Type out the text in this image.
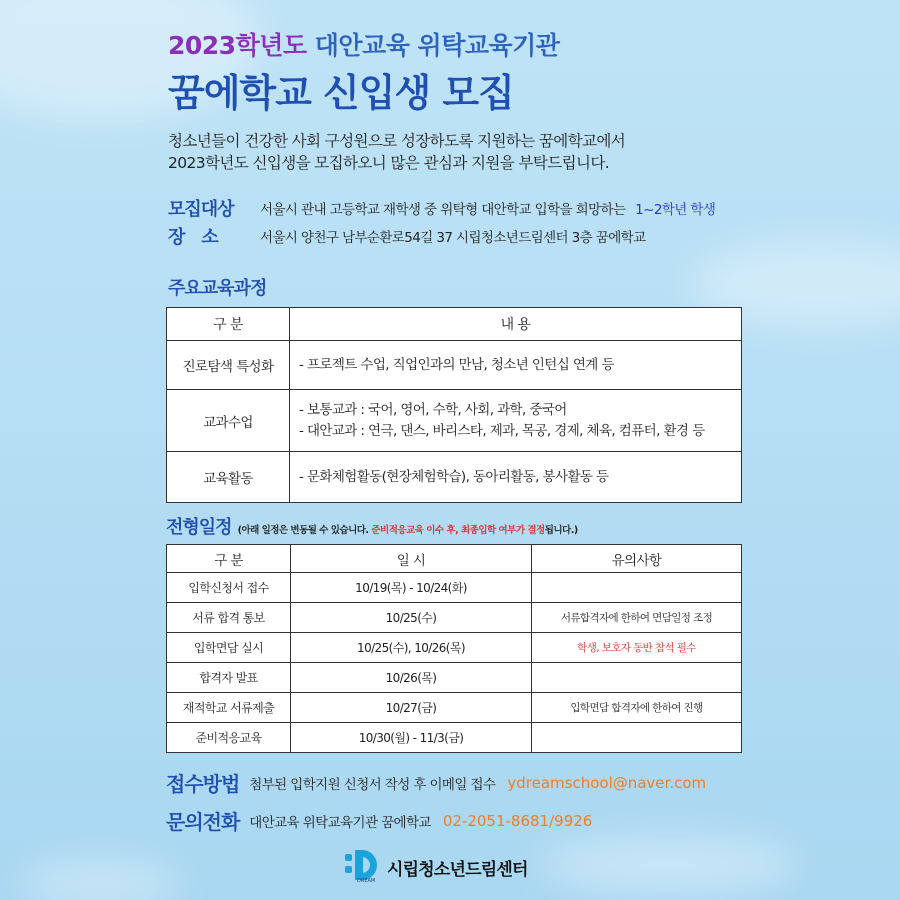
2023학년도 대안교육 위탁교육기관
꿈에학교 신입생 모집
청소년들이 건강한 사회 구성원으로 성장하도록 지원하는 꿈에학교에서
2023학년도 신입생을 모집하오니 많은 관심과 지원을 부탁드립니다.
모집대상	서울시 관내 고등학교 재학생 중 위탁형 대안학교 입학을 희망하는 1~2학년 학생
장소	서울시 양천구 남부순환로54길 37 시립청소년드림센터 3층 꿈에학교
주요교육과정
구 분	내 용
진로탐색 특성화	- 프로젝트 수업, 직업인과의 만남, 청소년 인턴십 연계 등

교과수업	- 보통교과 : 국어, 영어, 수학, 사회, 과학, 중국어
- 대안교과 : 연극, 댄스, 바리스타, 제과, 목공, 경제, 체육, 컴퓨터, 환경 등

교육활동	- 문화체험활동(현장체험학습), 동아리활동, 봉사활동 등
전형일정 (아래 일정은 변동될 수 있습니다. 준비적응교육 이수 후, 최종입학 여부가 결정됩니다.)
구 분	일 시	유의사항
입학신청서 접수	10/19(목) - 10/24(화)	
서류 합격 통보	10/25(수)	서류합격자에 한하여 면담일정 조정
입학면담 실시	10/25(수), 10/26(목)	학생, 보호자 동반 참석 필수
합격자 발표	10/26(목)	
재적학교 서류제출	10/27(금)	입학면담 합격자에 한하여 진행
준비적응교육	10/30(월) - 11/3(금)	
접수방법 첨부된 입학지원 신청서 작성 후 이메일 접수 ydreamschool@naver.com
문의전화 대안교육 위탁교육기관 꿈에학교 02-2051-8681/9926
DREAM
시립청소년드림센터
